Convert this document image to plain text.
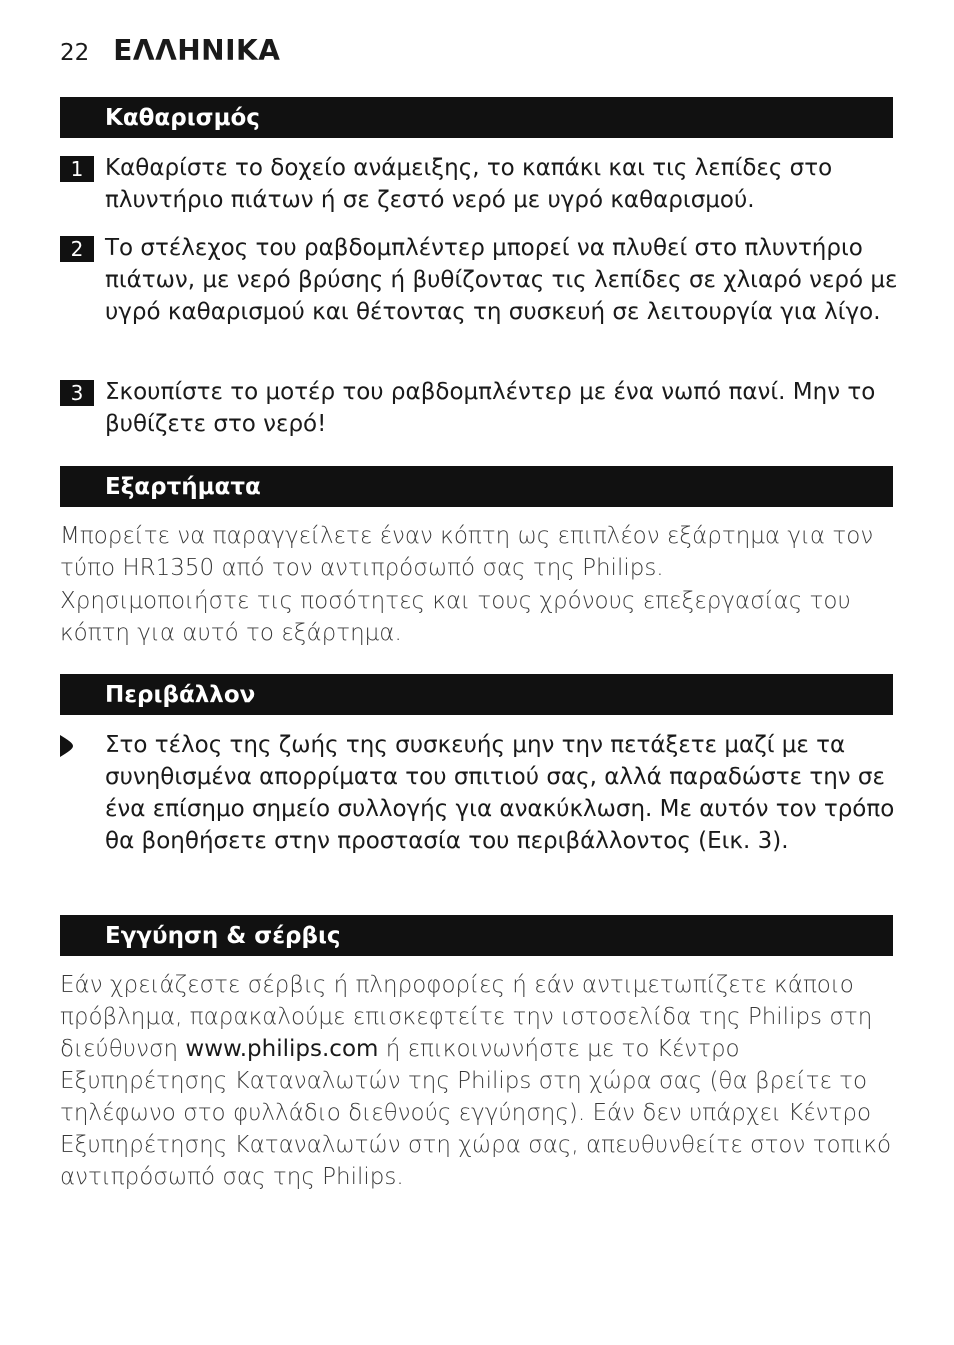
22 ΕΛΛΗΝΙΚΑ
Καθαρισμός
1 Καθαρίστε το δοχείο ανάμειξης, το καπάκι και τις λεπίδες στο πλυντήριο πιάτων ή σε ζεστό νερό με υγρό καθαρισμού.
2 Το στέλεχος του ραβδομπλέντερ μπορεί να πλυθεί στο πλυντήριο πιάτων, με νερό βρύσης ή βυθίζοντας τις λεπίδες σε χλιαρό νερό με υγρό καθαρισμού και θέτοντας τη συσκευή σε λειτουργία για λίγο.
3 Σκουπίστε το μοτέρ του ραβδομπλέντερ με ένα νωπό πανί. Μην το βυθίζετε στο νερό!
Εξαρτήματα
Μπορείτε να παραγγείλετε έναν κόπτη ως επιπλέον εξάρτημα για τον τύπο HR1350 από τον αντιπρόσωπό σας της Philips.
Χρησιμοποιήστε τις ποσότητες και τους χρόνους επεξεργασίας του κόπτη για αυτό το εξάρτημα.
Περιβάλλον
Στο τέλος της ζωής της συσκευής μην την πετάξετε μαζί με τα συνηθισμένα απορρίματα του σπιτιού σας, αλλά παραδώστε την σε ένα επίσημο σημείο συλλογής για ανακύκλωση. Με αυτόν τον τρόπο θα βοηθήσετε στην προστασία του περιβάλλοντος (Εικ. 3).
Εγγύηση & σέρβις
Εάν χρειάζεστε σέρβις ή πληροφορίες ή εάν αντιμετωπίζετε κάποιο πρόβλημα, παρακαλούμε επισκεφτείτε την ιστοσελίδα της Philips στη διεύθυνση www.philips.com ή επικοινωνήστε με το Κέντρο Εξυπηρέτησης Καταναλωτών της Philips στη χώρα σας (θα βρείτε το τηλέφωνο στο φυλλάδιο διεθνούς εγγύησης). Εάν δεν υπάρχει Κέντρο Εξυπηρέτησης Καταναλωτών στη χώρα σας, απευθυνθείτε στον τοπικό αντιπρόσωπό σας της Philips.
